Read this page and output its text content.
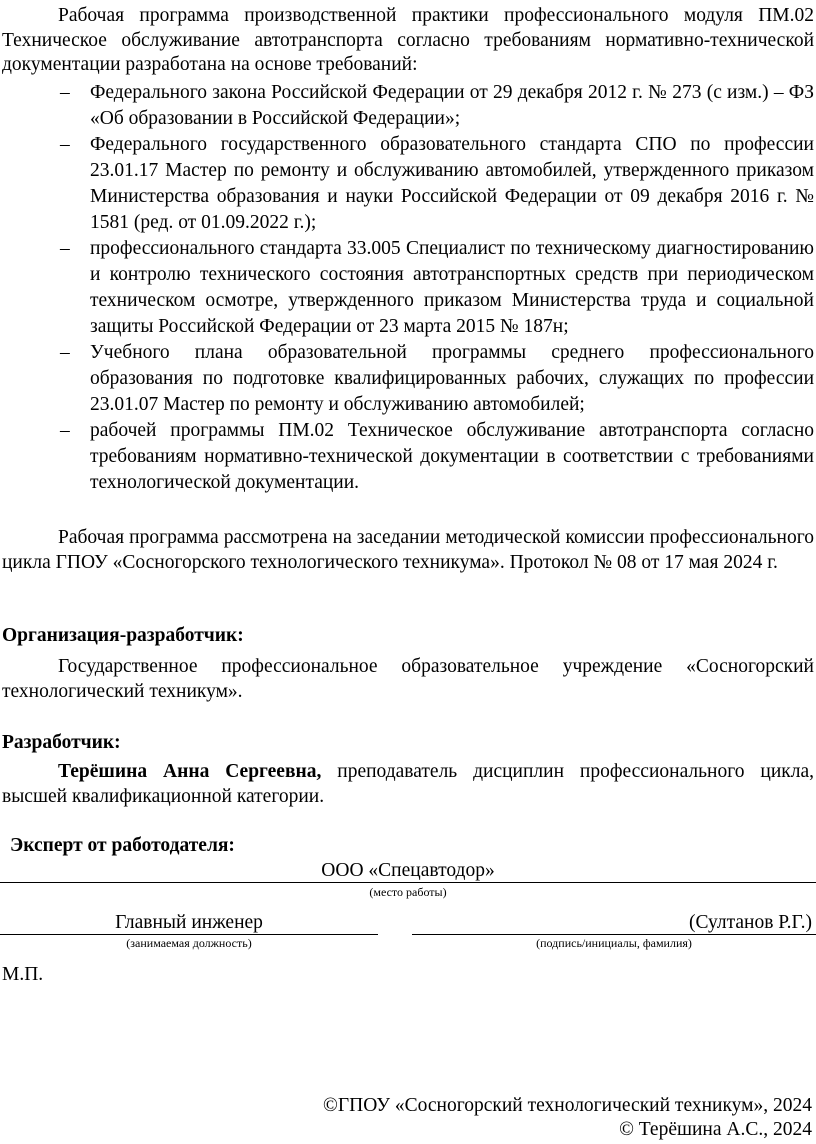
Рабочая программа производственной практики профессионального модуля ПМ.02 Техническое обслуживание автотранспорта согласно требованиям нормативно-технической документации разработана на основе требований:

– Федерального закона Российской Федерации от 29 декабря 2012 г. № 273 (с изм.) – ФЗ «Об образовании в Российской Федерации»;
– Федерального государственного образовательного стандарта СПО по профессии 23.01.17 Мастер по ремонту и обслуживанию автомобилей, утвержденного приказом Министерства образования и науки Российской Федерации от 09 декабря 2016 г. № 1581 (ред. от 01.09.2022 г.);
– профессионального стандарта 33.005 Специалист по техническому диагностированию и контролю технического состояния автотранспортных средств при периодическом техническом осмотре, утвержденного приказом Министерства труда и социальной защиты Российской Федерации от 23 марта 2015 № 187н;
– Учебного плана образовательной программы среднего профессионального образования по подготовке квалифицированных рабочих, служащих по профессии 23.01.07 Мастер по ремонту и обслуживанию автомобилей;
– рабочей программы ПМ.02 Техническое обслуживание автотранспорта согласно требованиям нормативно-технической документации в соответствии с требованиями технологической документации.

Рабочая программа рассмотрена на заседании методической комиссии профессионального цикла ГПОУ «Сосногорского технологического техникума». Протокол № 08 от 17 мая 2024 г.

Организация-разработчик:

Государственное профессиональное образовательное учреждение «Сосногорский технологический техникум».

Разработчик:

Терёшина Анна Сергеевна, преподаватель дисциплин профессионального цикла, высшей квалификационной категории.

Эксперт от работодателя:

ООО «Спецавтодор»
(место работы)
Главный инженер
(занимаемая должность)
(Султанов Р.Г.)
(подпись/инициалы, фамилия)
М.П.
©ГПОУ «Сосногорский технологический техникум», 2024
© Терёшина А.С., 2024
